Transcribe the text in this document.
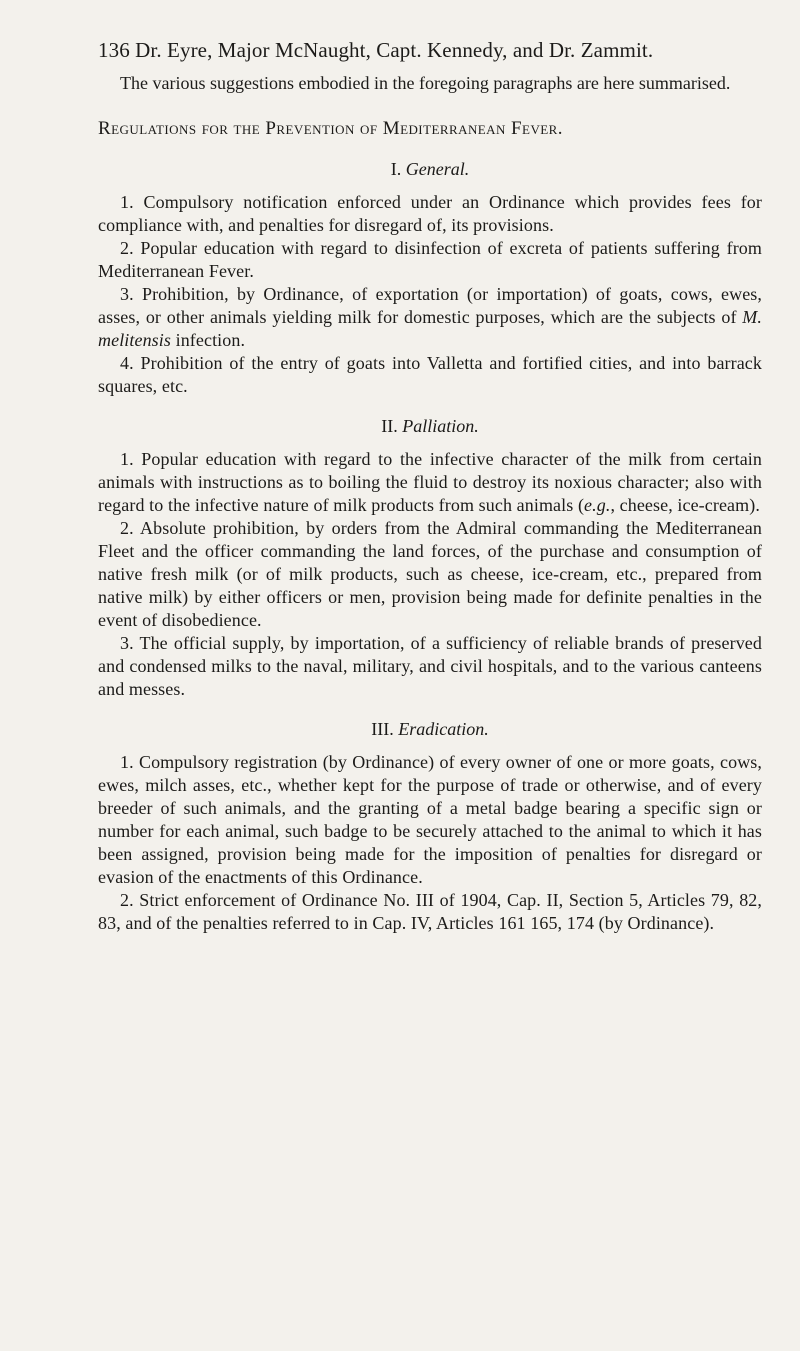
136 Dr. Eyre, Major McNaught, Capt. Kennedy, and Dr. Zammit.

The various suggestions embodied in the foregoing paragraphs are here summarised.

Regulations for the Prevention of Mediterranean Fever.
I. General.

1. Compulsory notification enforced under an Ordinance which provides fees for compliance with, and penalties for disregard of, its provisions.

2. Popular education with regard to disinfection of excreta of patients suffering from Mediterranean Fever.

3. Prohibition, by Ordinance, of exportation (or importation) of goats, cows, ewes, asses, or other animals yielding milk for domestic purposes, which are the subjects of M. melitensis infection.

4. Prohibition of the entry of goats into Valletta and fortified cities, and into barrack squares, etc.

II. Palliation.

1. Popular education with regard to the infective character of the milk from certain animals with instructions as to boiling the fluid to destroy its noxious character; also with regard to the infective nature of milk products from such animals (e.g., cheese, ice-cream).

2. Absolute prohibition, by orders from the Admiral commanding the Mediterranean Fleet and the officer commanding the land forces, of the purchase and consumption of native fresh milk (or of milk products, such as cheese, ice-cream, etc., prepared from native milk) by either officers or men, provision being made for definite penalties in the event of disobedience.

3. The official supply, by importation, of a sufficiency of reliable brands of preserved and condensed milks to the naval, military, and civil hospitals, and to the various canteens and messes.

III. Eradication.

1. Compulsory registration (by Ordinance) of every owner of one or more goats, cows, ewes, milch asses, etc., whether kept for the purpose of trade or otherwise, and of every breeder of such animals, and the granting of a metal badge bearing a specific sign or number for each animal, such badge to be securely attached to the animal to which it has been assigned, provision being made for the imposition of penalties for disregard or evasion of the enactments of this Ordinance.

2. Strict enforcement of Ordinance No. III of 1904, Cap. II, Section 5, Articles 79, 82, 83, and of the penalties referred to in Cap. IV, Articles 161 165, 174 (by Ordinance).
